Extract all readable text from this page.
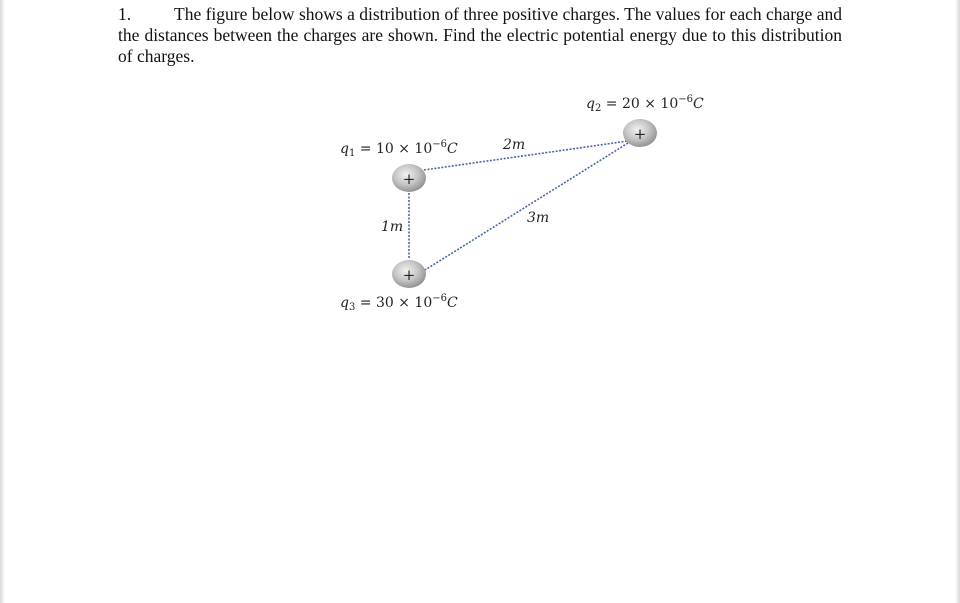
1. The figure below shows a distribution of three positive charges. The values for each charge and the distances between the charges are shown. Find the electric potential energy due to this distribution of charges.
+
+
+
$q_1 = 10 \times 10^{-6}C$
$q_2 = 20 \times 10^{-6}C$
$q_3 = 30 \times 10^{-6}C$
2m
1m
3m
